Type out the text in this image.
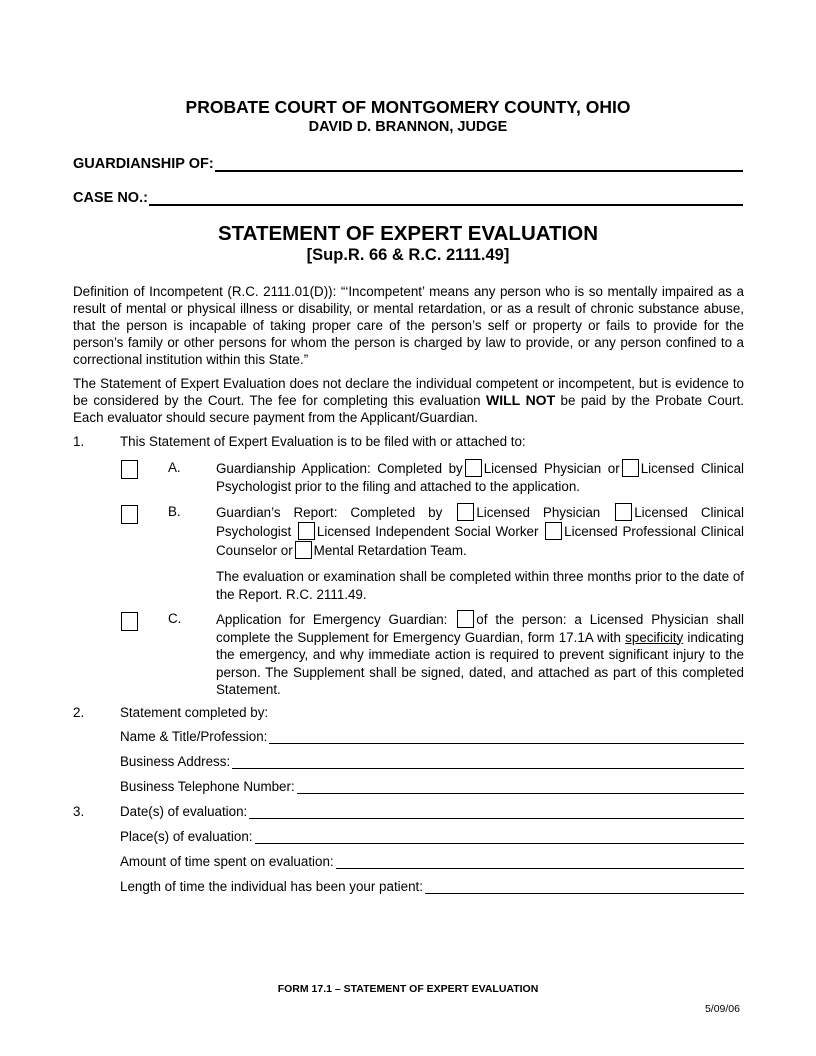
PROBATE COURT OF MONTGOMERY COUNTY, OHIO
DAVID D. BRANNON, JUDGE
GUARDIANSHIP OF:
CASE NO.:
STATEMENT OF EXPERT EVALUATION
[Sup.R. 66 & R.C. 2111.49]
Definition of Incompetent (R.C. 2111.01(D)): “‘Incompetent’ means any person who is so mentally impaired as a result of mental or physical illness or disability, or mental retardation, or as a result of chronic substance abuse, that the person is incapable of taking proper care of the person’s self or property or fails to provide for the person’s family or other persons for whom the person is charged by law to provide, or any person confined to a correctional institution within this State.”
The Statement of Expert Evaluation does not declare the individual competent or incompetent, but is evidence to be considered by the Court. The fee for completing this evaluation WILL NOT be paid by the Probate Court. Each evaluator should secure payment from the Applicant/Guardian.
1.	This Statement of Expert Evaluation is to be filed with or attached to:
A.	Guardianship Application: Completed by Licensed Physician or Licensed Clinical Psychologist prior to the filing and attached to the application.
B.	Guardian’s Report: Completed by	Licensed Physician	Licensed Clinical Psychologist Licensed Independent Social Worker Licensed Professional Clinical Counselor or Mental Retardation Team.
The evaluation or examination shall be completed within three months prior to the date of the Report. R.C. 2111.49.
C.	Application for Emergency Guardian: of the person: a Licensed Physician shall complete the Supplement for Emergency Guardian, form 17.1A with specificity indicating the emergency, and why immediate action is required to prevent significant injury to the person. The Supplement shall be signed, dated, and attached as part of this completed Statement.
2.	Statement completed by:
Name & Title/Profession:
Business Address:
Business Telephone Number:
3.	Date(s) of evaluation:
Place(s) of evaluation:
Amount of time spent on evaluation:
Length of time the individual has been your patient:
FORM 17.1 – STATEMENT OF EXPERT EVALUATION
5/09/06
